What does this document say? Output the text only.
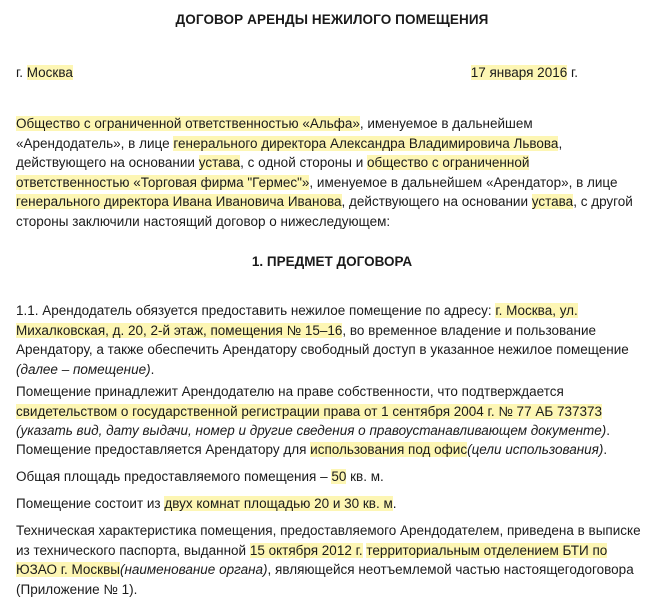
ДОГОВОР АРЕНДЫ НЕЖИЛОГО ПОМЕЩЕНИЯ
г. Москва	17 января 2016 г.

Общество с ограниченной ответственностью «Альфа», именуемое в дальнейшем «Арендодатель», в лице генерального директора Александра Владимировича Львова, действующего на основании устава, с одной стороны и общество с ограниченной ответственностью «Торговая фирма "Гермес"», именуемое в дальнейшем «Арендатор», в лице генерального директора Ивана Ивановича Иванова, действующего на основании устава, с другой стороны заключили настоящий договор о нижеследующем:

1. ПРЕДМЕТ ДОГОВОРА

1.1. Арендодатель обязуется предоставить нежилое помещение по адресу: г. Москва, ул. Михалковская, д. 20, 2-й этаж, помещения № 15–16, во временное владение и пользование Арендатору, а также обеспечить Арендатору свободный доступ в указанное нежилое помещение (далее – помещение).

Помещение принадлежит Арендодателю на праве собственности, что подтверждается свидетельством о государственной регистрации права от 1 сентября 2004 г. № 77 АБ 737373 (указать вид, дату выдачи, номер и другие сведения о правоустанавливающем документе).

Помещение предоставляется Арендатору для использования под офис(цели использования).

Общая площадь предоставляемого помещения – 50 кв. м.

Помещение состоит из двух комнат площадью 20 и 30 кв. м.

Техническая характеристика помещения, предоставляемого Арендодателем, приведена в выписке из технического паспорта, выданной 15 октября 2012 г. территориальным отделением БТИ по ЮЗАО г. Москвы(наименование органа), являющейся неотъемлемой частью настоящегодоговора (Приложение № 1).
